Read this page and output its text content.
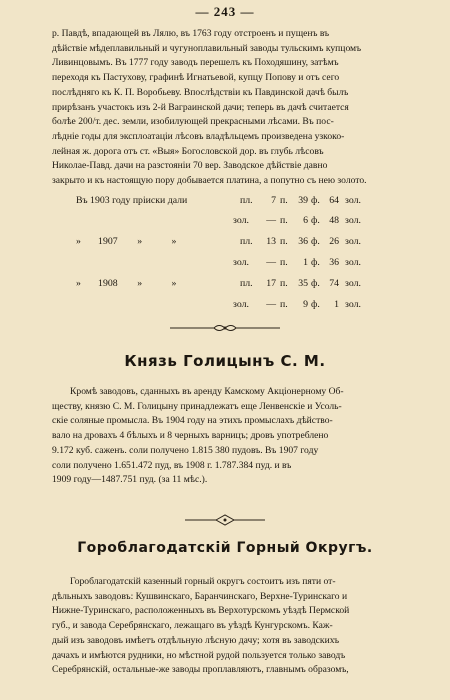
— 243 —

р. Павдѣ, впадающей въ Лялю, въ 1763 году отстроенъ и пущенъ въ
дѣйствіе мѣдеплавильный и чугуноплавильный заводы тульскимъ купцомъ
Ливинцовымъ. Въ 1777 году заводъ перешелъ къ Походяшину, затѣмъ
переходя къ Пастухову, графинѣ Игнатьевой, купцу Попову и отъ сего
послѣдняго къ К. П. Воробьеву. Впослѣдствіи къ Павдинской дачѣ былъ
прирѣзанъ участокъ изъ 2-й Ваграинской дачи; теперь въ дачѣ считается
болѣе 200/т. дес. земли, изобилующей прекрасными лѣсами. Въ пос-
лѣдніе годы для эксплоатаціи лѣсовъ владѣльцемъ произведена узкоко-
лейная ж. дорога отъ ст. «Выя» Богословской дор. въ глубь лѣсовъ
Николае-Павд. дачи на разстояніи 70 вер. Заводское дѣйствіе давно
закрыто и къ настоящую пору добывается платина, а попутно съ нею золото.

Въ 1903 году пріиски дали	пл.	7 п.	39 ф. 64 зол.
зол.	— п.	6 ф. 48 зол.
»       1907        »            »	пл.	13 п.	36 ф. 26 зол.
зол.	— п.	1 ф. 36 зол.
»       1908        »            »	пл.	17 п.	35 ф. 74 зол.
зол.	— п.	9 ф.	1 зол.
Князь Голицынъ С. М.

Кромѣ заводовъ, сданныхъ въ аренду Камскому Акціонерному Об-
ществу, князю С. М. Голицыну принадлежатъ еще Ленвенскіе и Усоль-
скіе соляные промысла. Въ 1904 году на этихъ промыслахъ дѣйство-
вало на дровахъ 4 бѣлыхъ и 8 черныхъ варницъ; дровъ употреблено
9.172 куб. саженъ. соли получено 1.815 380 пудовъ. Въ 1907 году
соли получено 1.651.472 пуд, въ 1908 г. 1.787.384 пуд. и въ
1909 году—1487.751 пуд. (за 11 мѣс.).

Гороблагодатскій Горный Округъ.

Гороблагодатскій казенный горный округъ состоитъ изъ пяти от-
дѣльныхъ заводовъ: Кушвинскаго, Баранчинскаго, Верхне-Туринскаго и
Нижне-Туринскаго, расположенныхъ въ Верхотурскомъ уѣздѣ Пермской
губ., и завода Серебрянскаго, лежащаго въ уѣздѣ Кунгурскомъ. Каж-
дый изъ заводовъ имѣетъ отдѣльную лѣсную дачу; хотя въ заводскихъ
дачахъ и имѣются рудники, но мѣстной рудой пользуется только заводъ
Серебрянскій, остальные-же заводы проплавляютъ, главнымъ образомъ,
